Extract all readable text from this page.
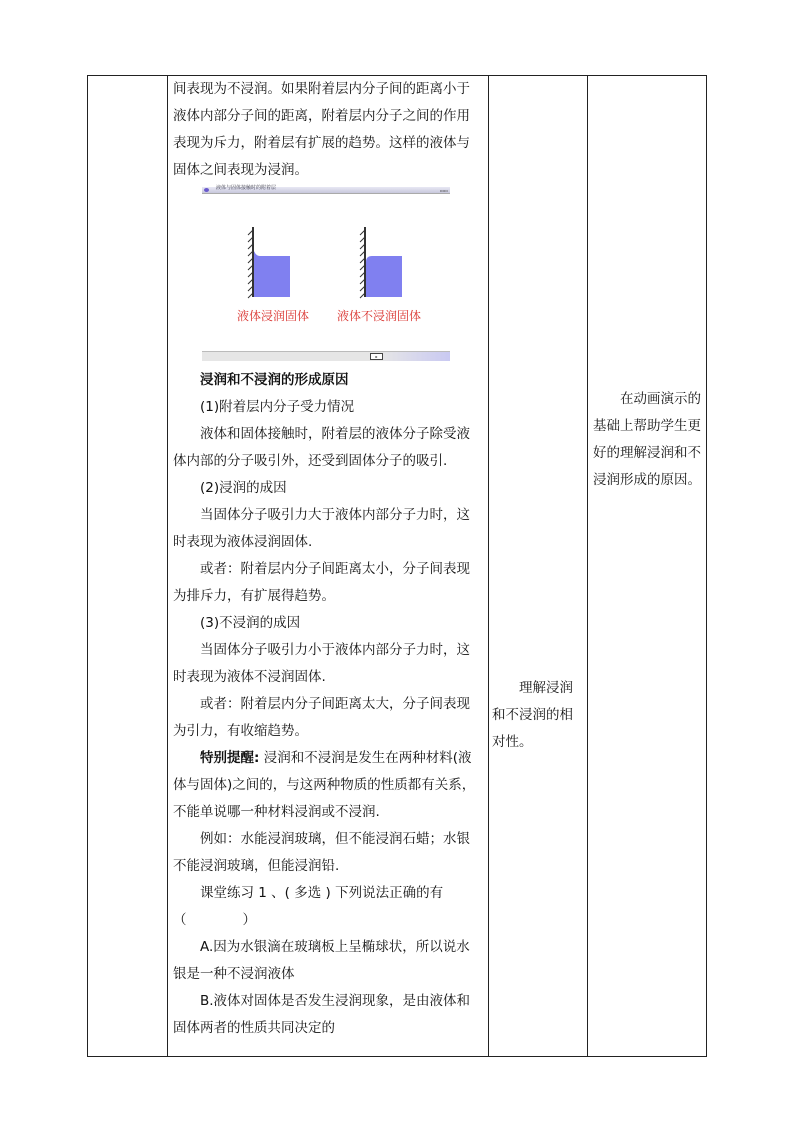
间表现为不浸润。如果附着层内分子间的距离小于液体内部分子间的距离，附着层内分子之间的作用表现为斥力，附着层有扩展的趋势。这样的液体与固体之间表现为浸润。

液体与固体接触时的附着层	▫▫▫
液体浸润固体 液体不浸润固体
▸

浸润和不浸润的形成原因

(1)附着层内分子受力情况

液体和固体接触时，附着层的液体分子除受液体内部的分子吸引外，还受到固体分子的吸引.

(2)浸润的成因

当固体分子吸引力大于液体内部分子力时，这时表现为液体浸润固体.

或者：附着层内分子间距离太小，分子间表现为排斥力，有扩展得趋势。

(3)不浸润的成因

当固体分子吸引力小于液体内部分子力时，这时表现为液体不浸润固体.

或者：附着层内分子间距离太大，分子间表现为引力，有收缩趋势。

特别提醒: 浸润和不浸润是发生在两种材料(液体与固体)之间的，与这两种物质的性质都有关系，不能单说哪一种材料浸润或不浸润.

例如：水能浸润玻璃，但不能浸润石蜡；水银不能浸润玻璃，但能浸润铅.

课堂练习 1 、( 多选 ) 下列说法正确的有
（	）

A.因为水银滴在玻璃板上呈椭球状，所以说水银是一种不浸润液体

B.液体对固体是否发生浸润现象，是由液体和固体两者的性质共同决定的

理解浸润和不浸润的相对性。

在动画演示的基础上帮助学生更好的理解浸润和不浸润形成的原因。
